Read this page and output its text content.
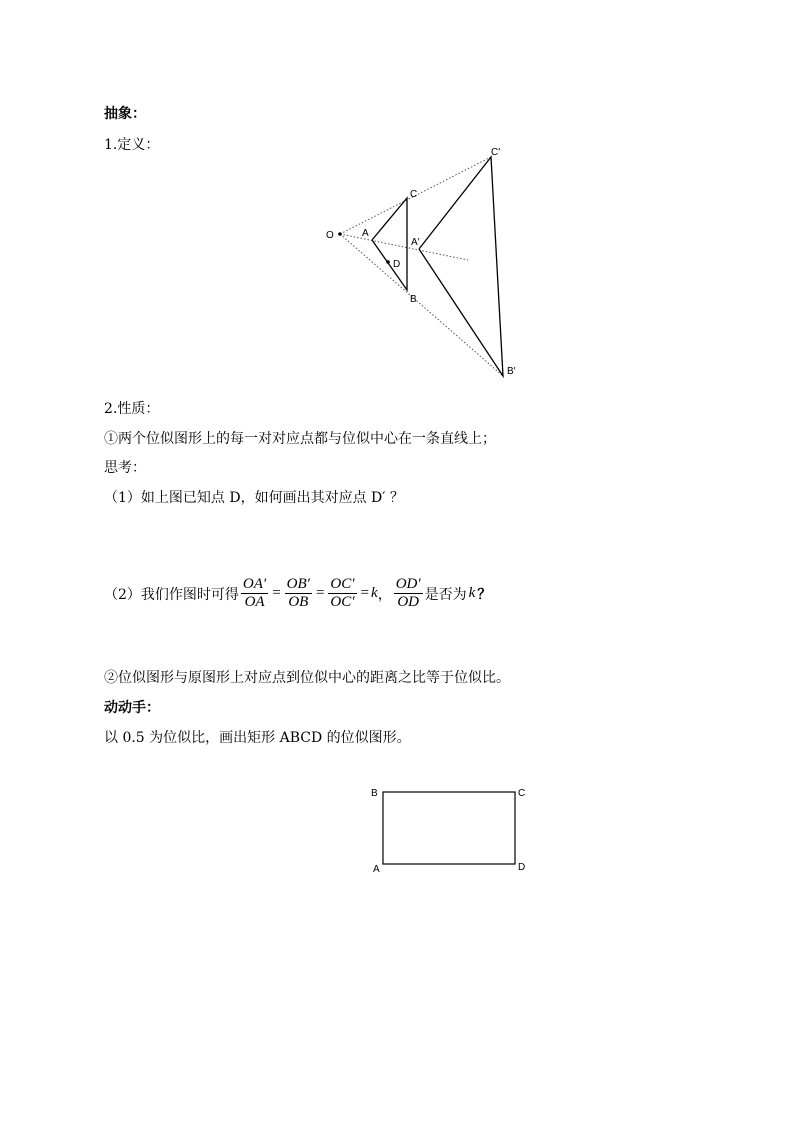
抽象：
1.定义：
O	A
C
D
B
A′
C′
B′
2.性质：
①两个位似图形上的每一对对应点都与位似中心在一条直线上；
思考：
（1）如上图已知点 D，如何画出其对应点 D′ ？
（2）我们作图时可得 $\frac{OA'}{OA} = \frac{OB'}{OB} = \frac{OC'}{OC'} = k$ ， $\frac{OD'}{OD}$ 是否为 k ？
②位似图形与原图形上对应点到位似中心的距离之比等于位似比。
动动手：
以 0.5 为位似比，画出矩形 ABCD 的位似图形。
B	C
A	D
